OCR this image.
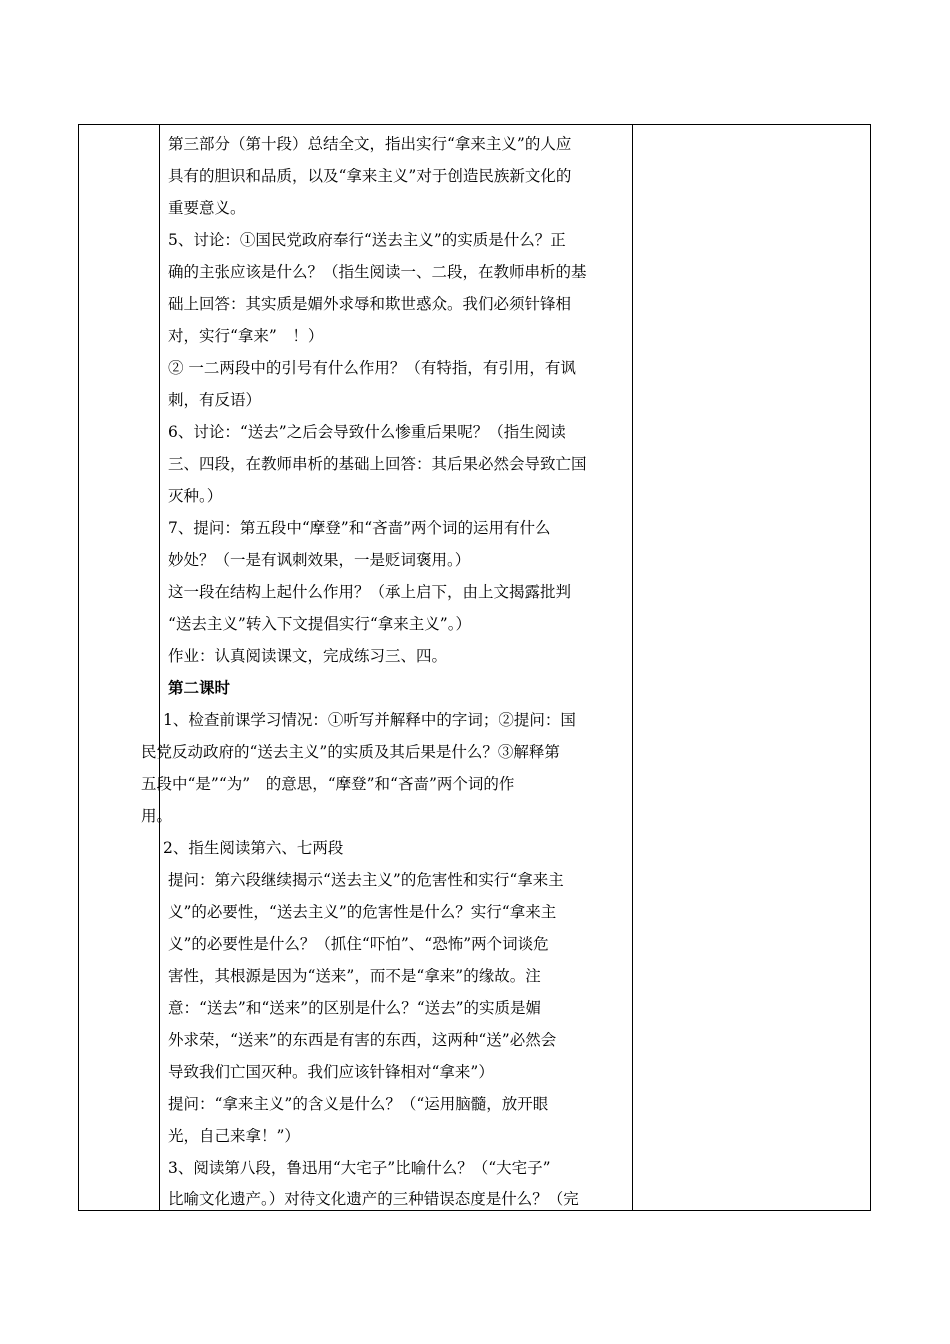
第三部分（第十段）总结全文，指出实行“拿来主义”的人应
具有的胆识和品质，以及“拿来主义”对于创造民族新文化的
重要意义。
5、讨论：①国民党政府奉行“送去主义”的实质是什么？正
确的主张应该是什么？（指生阅读一、二段，在教师串析的基
础上回答：其实质是媚外求辱和欺世惑众。我们必须针锋相
对，实行“拿来”　！）
② 一二两段中的引号有什么作用？（有特指，有引用，有讽
刺，有反语）
6、讨论：“送去”之后会导致什么惨重后果呢？（指生阅读
三、四段，在教师串析的基础上回答：其后果必然会导致亡国
灭种。）
7、提问：第五段中“摩登”和“吝啬”两个词的运用有什么
妙处？（一是有讽刺效果，一是贬词褒用。）
这一段在结构上起什么作用？（承上启下，由上文揭露批判
“送去主义”转入下文提倡实行“拿来主义”。）
作业：认真阅读课文，完成练习三、四。
第二课时
1、检查前课学习情况：①听写并解释中的字词；②提问：国
民党反动政府的“送去主义”的实质及其后果是什么？③解释第
五段中“是”“为”　的意思，“摩登”和“吝啬”两个词的作
用。
2、指生阅读第六、七两段
提问：第六段继续揭示“送去主义”的危害性和实行“拿来主
义”的必要性，“送去主义”的危害性是什么？实行“拿来主
义”的必要性是什么？（抓住“吓怕”、“恐怖”两个词谈危
害性，其根源是因为“送来”，而不是“拿来”的缘故。注
意：“送去”和“送来”的区别是什么？“送去”的实质是媚
外求荣，“送来”的东西是有害的东西，这两种“送”必然会
导致我们亡国灭种。我们应该针锋相对“拿来”）
提问：“拿来主义”的含义是什么？（“运用脑髓，放开眼
光，自己来拿！”）
3、阅读第八段，鲁迅用“大宅子”比喻什么？（“大宅子”
比喻文化遗产。）对待文化遗产的三种错误态度是什么？（完
